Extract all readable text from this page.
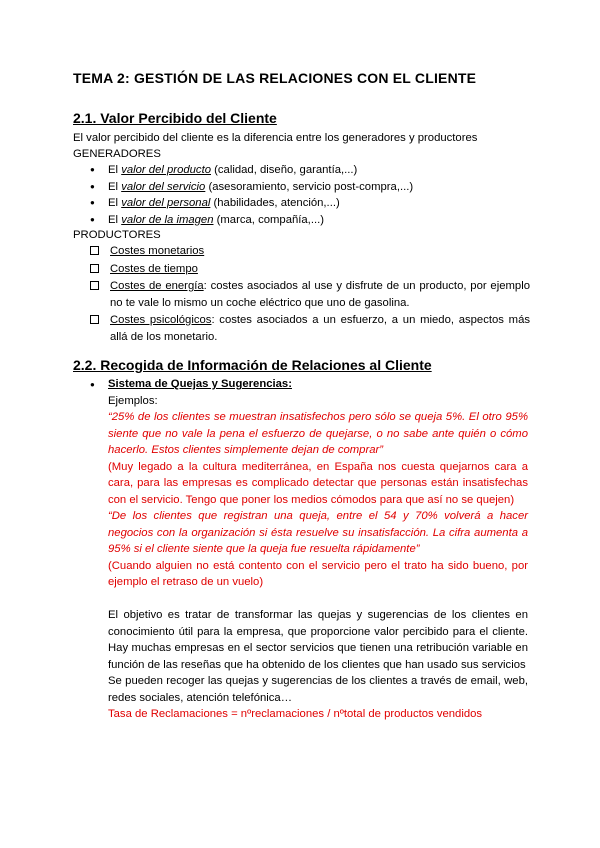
TEMA 2: GESTIÓN DE LAS RELACIONES CON EL CLIENTE
2.1. Valor Percibido del Cliente
El valor percibido del cliente es la diferencia entre los generadores y productores
GENERADORES
● El valor del producto (calidad, diseño, garantía,...)
● El valor del servicio (asesoramiento, servicio post-compra,...)
● El valor del personal (habilidades, atención,...)
● El valor de la imagen (marca, compañía,...)
PRODUCTORES
Costes monetarios
Costes de tiempo
Costes de energía: costes asociados al use y disfrute de un producto, por ejemplo no te vale lo mismo un coche eléctrico que uno de gasolina.
Costes psicológicos: costes asociados a un esfuerzo, a un miedo, aspectos más allá de los monetario.
2.2. Recogida de Información de Relaciones al Cliente
● Sistema de Quejas y Sugerencias:

Ejemplos:

“25% de los clientes se muestran insatisfechos pero sólo se queja 5%. El otro 95% siente que no vale la pena el esfuerzo de quejarse, o no sabe ante quién o cómo hacerlo. Estos clientes simplemente dejan de comprar”

(Muy legado a la cultura mediterránea, en España nos cuesta quejarnos cara a cara, para las empresas es complicado detectar que personas están insatisfechas con el servicio. Tengo que poner los medios cómodos para que así no se quejen)

“De los clientes que registran una queja, entre el 54 y 70% volverá a hacer negocios con la organización si ésta resuelve su insatisfacción. La cifra aumenta a 95% si el cliente siente que la queja fue resuelta rápidamente”

(Cuando alguien no está contento con el servicio pero el trato ha sido bueno, por ejemplo el retraso de un vuelo)

El objetivo es tratar de transformar las quejas y sugerencias de los clientes en conocimiento útil para la empresa, que proporcione valor percibido para el cliente. Hay muchas empresas en el sector servicios que tienen una retribución variable en función de las reseñas que ha obtenido de los clientes que han usado sus servicios

Se pueden recoger las quejas y sugerencias de los clientes a través de email, web, redes sociales, atención telefónica…

Tasa de Reclamaciones = nºreclamaciones / nºtotal de productos vendidos
